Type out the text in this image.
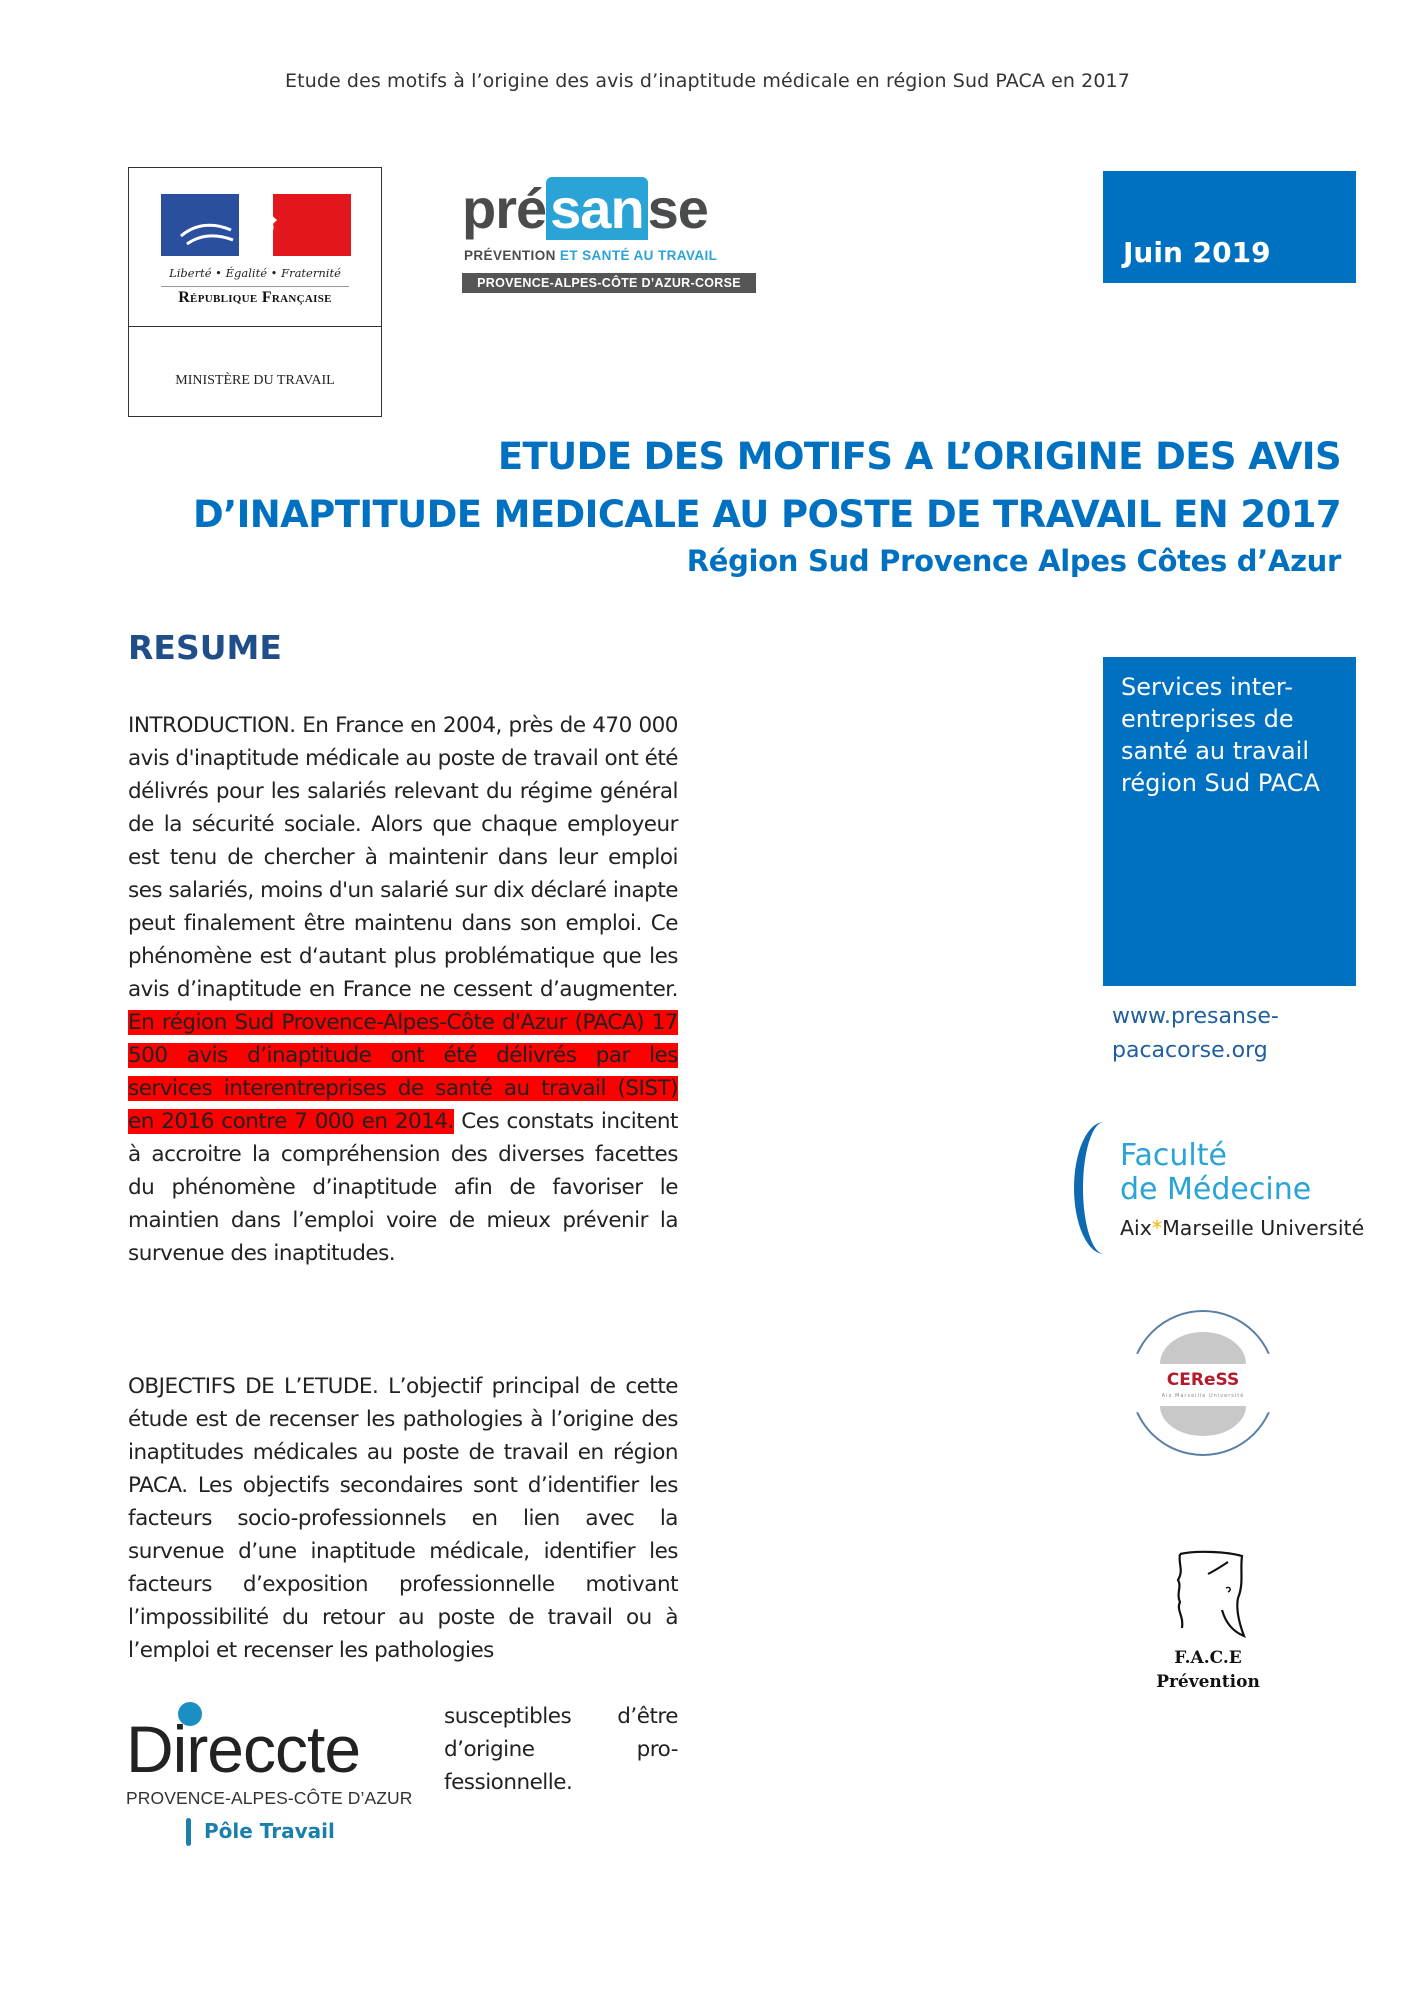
Etude des motifs à l’origine des avis d’inaptitude médicale en région Sud PACA en 2017
Liberté • Égalité • Fraternité
République Française
MINISTÈRE DU TRAVAIL
présanse
PRÉVENTION ET SANTÉ AU TRAVAIL
PROVENCE-ALPES-CÔTE D’AZUR-CORSE
Juin 2019
ETUDE DES MOTIFS A L’ORIGINE DES AVIS
D’INAPTITUDE MEDICALE AU POSTE DE TRAVAIL EN 2017
Région Sud Provence Alpes Côtes d’Azur
RESUME
INTRODUCTION. En France en 2004, près de 470 000 avis d'inaptitude médicale au poste de travail ont été délivrés pour les salariés relevant du régime général de la sécurité sociale. Alors que chaque employeur est tenu de chercher à maintenir dans leur emploi ses salariés, moins d'un salarié sur dix déclaré inapte peut finalement être maintenu dans son emploi. Ce phénomène est d‘autant plus problématique que les avis d’inaptitude en France ne cessent d’augmenter. En région Sud Provence-Alpes-Côte d'Azur (PACA) 17 500 avis d’inaptitude ont été délivrés par les services interentreprises de santé au travail (SIST) en 2016 contre 7 000 en 2014. Ces constats incitent à accroitre la compréhension des diverses facettes du phénomène d’inaptitude afin de favoriser le maintien dans l’emploi voire de mieux prévenir la survenue des inaptitudes.
OBJECTIFS DE L’ETUDE. L’objectif principal de cette étude est de recenser les pathologies à l’origine des inaptitudes médicales au poste de travail en région PACA. Les objectifs secondaires sont d’identifier les facteurs socio-professionnels en lien avec la survenue d’une inaptitude médicale, identifier les facteurs d’exposition professionnelle motivant l’impossibilité du retour au poste de travail ou à l’emploi et recenser les pathologies
susceptibles d’être d’origine pro-fessionnelle.
Services inter-entreprises de santé au travail région Sud PACA
www.presanse-pacacorse.org
Faculté
de Médecine
Aix*Marseille Université
CEReSS
Aix Marseille Université
F.A.C.E
Prévention
Direccte
PROVENCE-ALPES-CÔTE D’AZUR
Pôle Travail
